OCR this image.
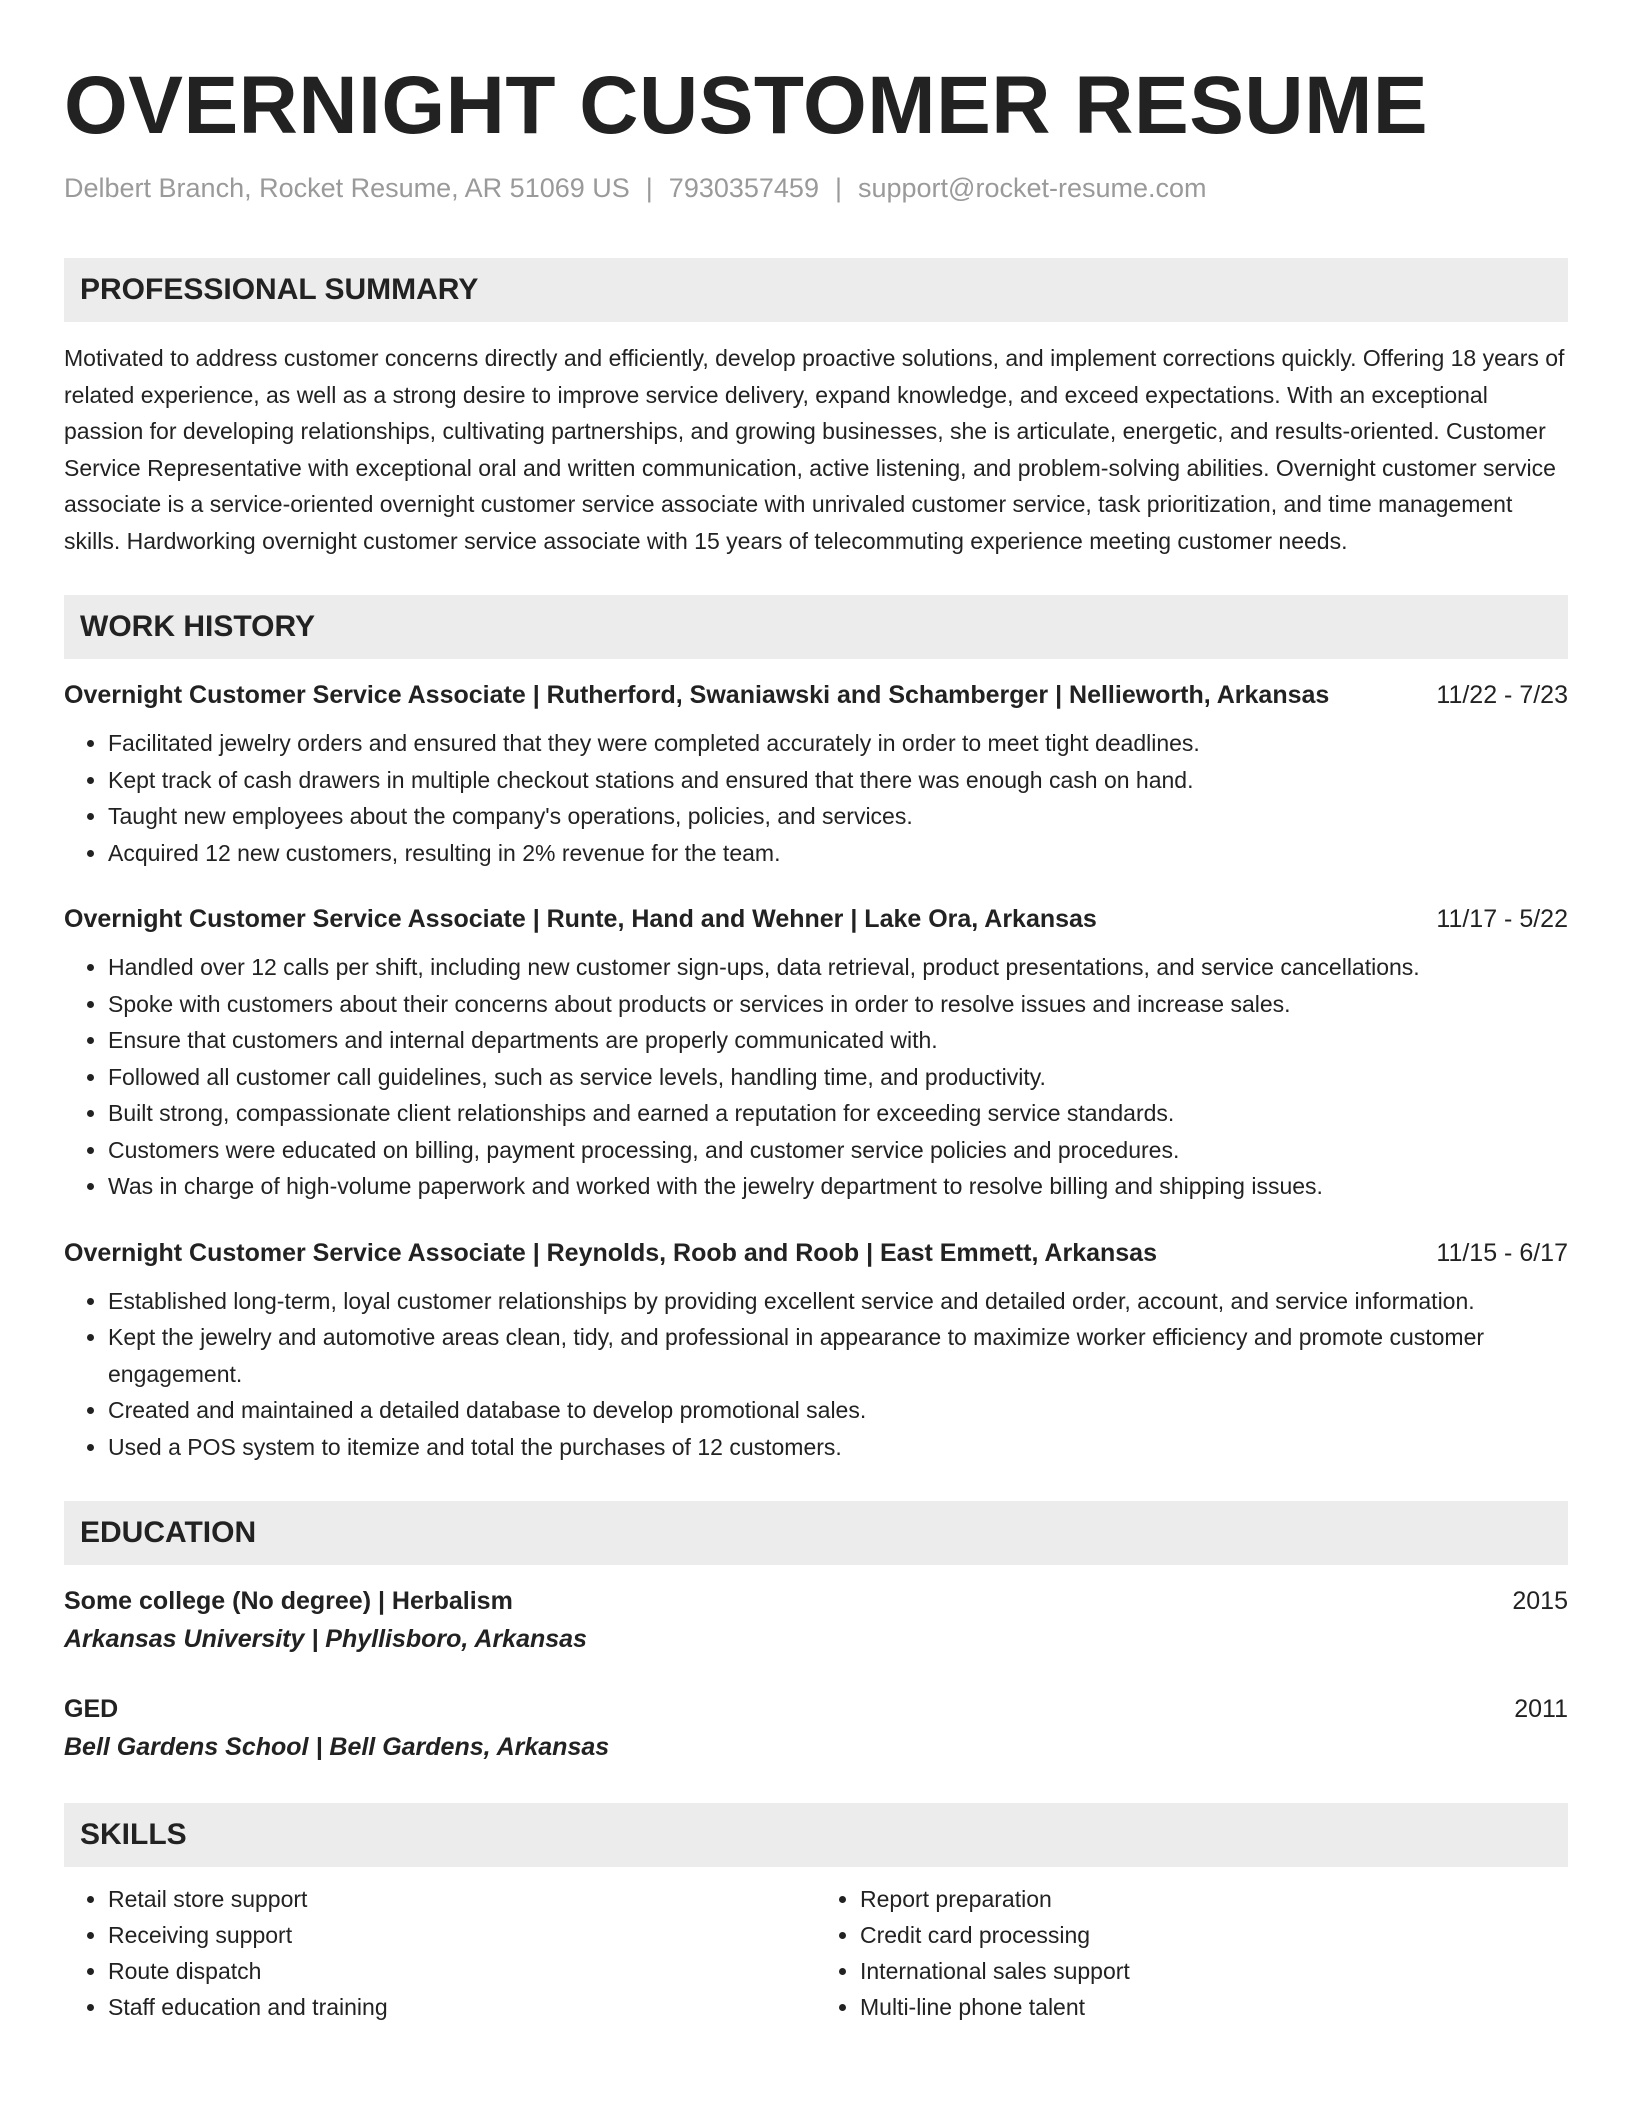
OVERNIGHT CUSTOMER RESUME
Delbert Branch, Rocket Resume, AR 51069 US | 7930357459 | support@rocket-resume.com
PROFESSIONAL SUMMARY

Motivated to address customer concerns directly and efficiently, develop proactive solutions, and implement corrections quickly. Offering 18 years of related experience, as well as a strong desire to improve service delivery, expand knowledge, and exceed expectations. With an exceptional passion for developing relationships, cultivating partnerships, and growing businesses, she is articulate, energetic, and results-oriented. Customer Service Representative with exceptional oral and written communication, active listening, and problem-solving abilities. Overnight customer service associate is a service-oriented overnight customer service associate with unrivaled customer service, task prioritization, and time management skills. Hardworking overnight customer service associate with 15 years of telecommuting experience meeting customer needs.

WORK HISTORY
Overnight Customer Service Associate | Rutherford, Swaniawski and Schamberger | Nellieworth, Arkansas	11/22 - 7/23
• Facilitated jewelry orders and ensured that they were completed accurately in order to meet tight deadlines.
• Kept track of cash drawers in multiple checkout stations and ensured that there was enough cash on hand.
• Taught new employees about the company's operations, policies, and services.
• Acquired 12 new customers, resulting in 2% revenue for the team.
Overnight Customer Service Associate | Runte, Hand and Wehner | Lake Ora, Arkansas	11/17 - 5/22
• Handled over 12 calls per shift, including new customer sign-ups, data retrieval, product presentations, and service cancellations.
• Spoke with customers about their concerns about products or services in order to resolve issues and increase sales.
• Ensure that customers and internal departments are properly communicated with.
• Followed all customer call guidelines, such as service levels, handling time, and productivity.
• Built strong, compassionate client relationships and earned a reputation for exceeding service standards.
• Customers were educated on billing, payment processing, and customer service policies and procedures.
• Was in charge of high-volume paperwork and worked with the jewelry department to resolve billing and shipping issues.
Overnight Customer Service Associate | Reynolds, Roob and Roob | East Emmett, Arkansas	11/15 - 6/17
• Established long-term, loyal customer relationships by providing excellent service and detailed order, account, and service information.
• Kept the jewelry and automotive areas clean, tidy, and professional in appearance to maximize worker efficiency and promote customer engagement.
• Created and maintained a detailed database to develop promotional sales.
• Used a POS system to itemize and total the purchases of 12 customers.
EDUCATION
Some college (No degree) | Herbalism	2015
Arkansas University | Phyllisboro, Arkansas
GED	2011
Bell Gardens School | Bell Gardens, Arkansas
SKILLS
• Retail store support
• Receiving support
• Route dispatch
• Staff education and training
• Report preparation
• Credit card processing
• International sales support
• Multi-line phone talent
